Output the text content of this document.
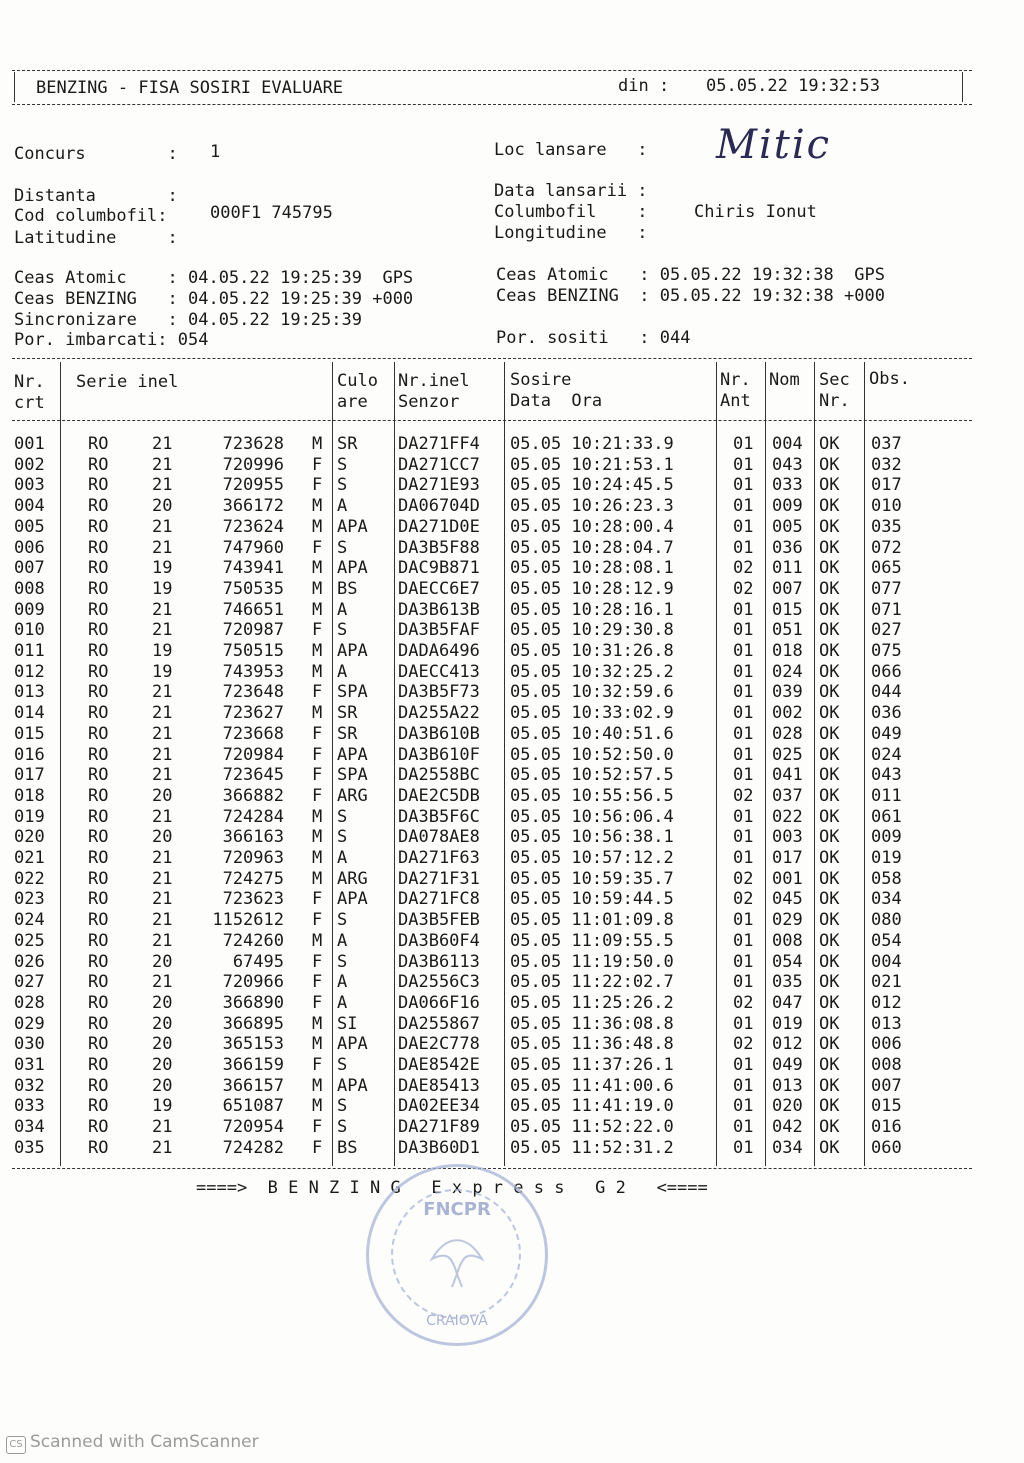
BENZING - FISA SOSIRI EVALUARE	din : 05.05.22 19:32:53
Concurs        : 1	Loc lansare   : Mitic
Distanta       :	Data lansarii :
Cod columbofil: 000F1 745795	Columbofil    :	Chiris Ionut
Latitudine     :	Longitudine   :
Ceas Atomic    : 04.05.22 19:25:39  GPS
Ceas BENZING   : 04.05.22 19:25:39 +000
Sincronizare   : 04.05.22 19:25:39
Por. imbarcati: 054
Ceas Atomic   : 05.05.22 19:32:38  GPS
Ceas BENZING  : 05.05.22 19:32:38 +000
Por. sositi   : 044
Nr.
crt
Serie inel	Culo
are
Nr.inel
Senzor
Sosire
Data  Ora
Nr.
Ant
Nom Sec
Nr.
Obs.
001	RO	21	723628 M SR DA271FF4 05.05 10:21:33.9	01 004 OK 037
002	RO	21	720996 F S	DA271CC7 05.05 10:21:53.1	01 043 OK 032
003	RO	21	720955 F S	DA271E93 05.05 10:24:45.5	01 033 OK 017
004	RO	20	366172 M A	DA06704D 05.05 10:26:23.3	01 009 OK 010
005	RO	21	723624 M APA DA271D0E 05.05 10:28:00.4	01 005 OK 035
006	RO	21	747960 F S	DA3B5F88 05.05 10:28:04.7	01 036 OK 072
007	RO	19	743941 M APA DAC9B871 05.05 10:28:08.1	02 011 OK 065
008	RO	19	750535 M BS DAECC6E7 05.05 10:28:12.9	02 007 OK 077
009	RO	21	746651 M A	DA3B613B 05.05 10:28:16.1	01 015 OK 071
010	RO	21	720987 F S	DA3B5FAF 05.05 10:29:30.8	01 051 OK 027
011	RO	19	750515 M APA DADA6496 05.05 10:31:26.8	01 018 OK 075
012	RO	19	743953 M A	DAECC413 05.05 10:32:25.2	01 024 OK 066
013	RO	21	723648 F SPA DA3B5F73 05.05 10:32:59.6	01 039 OK 044
014	RO	21	723627 M SR DA255A22 05.05 10:33:02.9	01 002 OK 036
015	RO	21	723668 F SR DA3B610B 05.05 10:40:51.6	01 028 OK 049
016	RO	21	720984 F APA DA3B610F 05.05 10:52:50.0	01 025 OK 024
017	RO	21	723645 F SPA DA2558BC 05.05 10:52:57.5	01 041 OK 043
018	RO	20	366882 F ARG DAE2C5DB 05.05 10:55:56.5	02 037 OK 011
019	RO	21	724284 M S	DA3B5F6C 05.05 10:56:06.4	01 022 OK 061
020	RO	20	366163 M S	DA078AE8 05.05 10:56:38.1	01 003 OK 009
021	RO	21	720963 M A	DA271F63 05.05 10:57:12.2	01 017 OK 019
022	RO	21	724275 M ARG DA271F31 05.05 10:59:35.7	02 001 OK 058
023	RO	21	723623 F APA DA271FC8 05.05 10:59:44.5	02 045 OK 034
024	RO	21	1152612 F S	DA3B5FEB 05.05 11:01:09.8	01 029 OK 080
025	RO	21	724260 M A	DA3B60F4 05.05 11:09:55.5	01 008 OK 054
026	RO	20	67495 F S	DA3B6113 05.05 11:19:50.0	01 054 OK 004
027	RO	21	720966 F A	DA2556C3 05.05 11:22:02.7	01 035 OK 021
028	RO	20	366890 F A	DA066F16 05.05 11:25:26.2	02 047 OK 012
029	RO	20	366895 M SI DA255867 05.05 11:36:08.8	01 019 OK 013
030	RO	20	365153 M APA DAE2C778 05.05 11:36:48.8	02 012 OK 006
031	RO	20	366159 F S	DAE8542E 05.05 11:37:26.1	01 049 OK 008
032	RO	20	366157 M APA DAE85413 05.05 11:41:00.6	01 013 OK 007
033	RO	19	651087 M S	DA02EE34 05.05 11:41:19.0	01 020 OK 015
034	RO	21	720954 F S	DA271F89 05.05 11:52:22.0	01 042 OK 016
035	RO	21	724282 F BS DA3B60D1 05.05 11:52:31.2	01 034 OK 060
====>  B E N Z I N G   E x p r e s s   G 2   <====
FNCPR
CRAIOVA
CS Scanned with CamScanner
